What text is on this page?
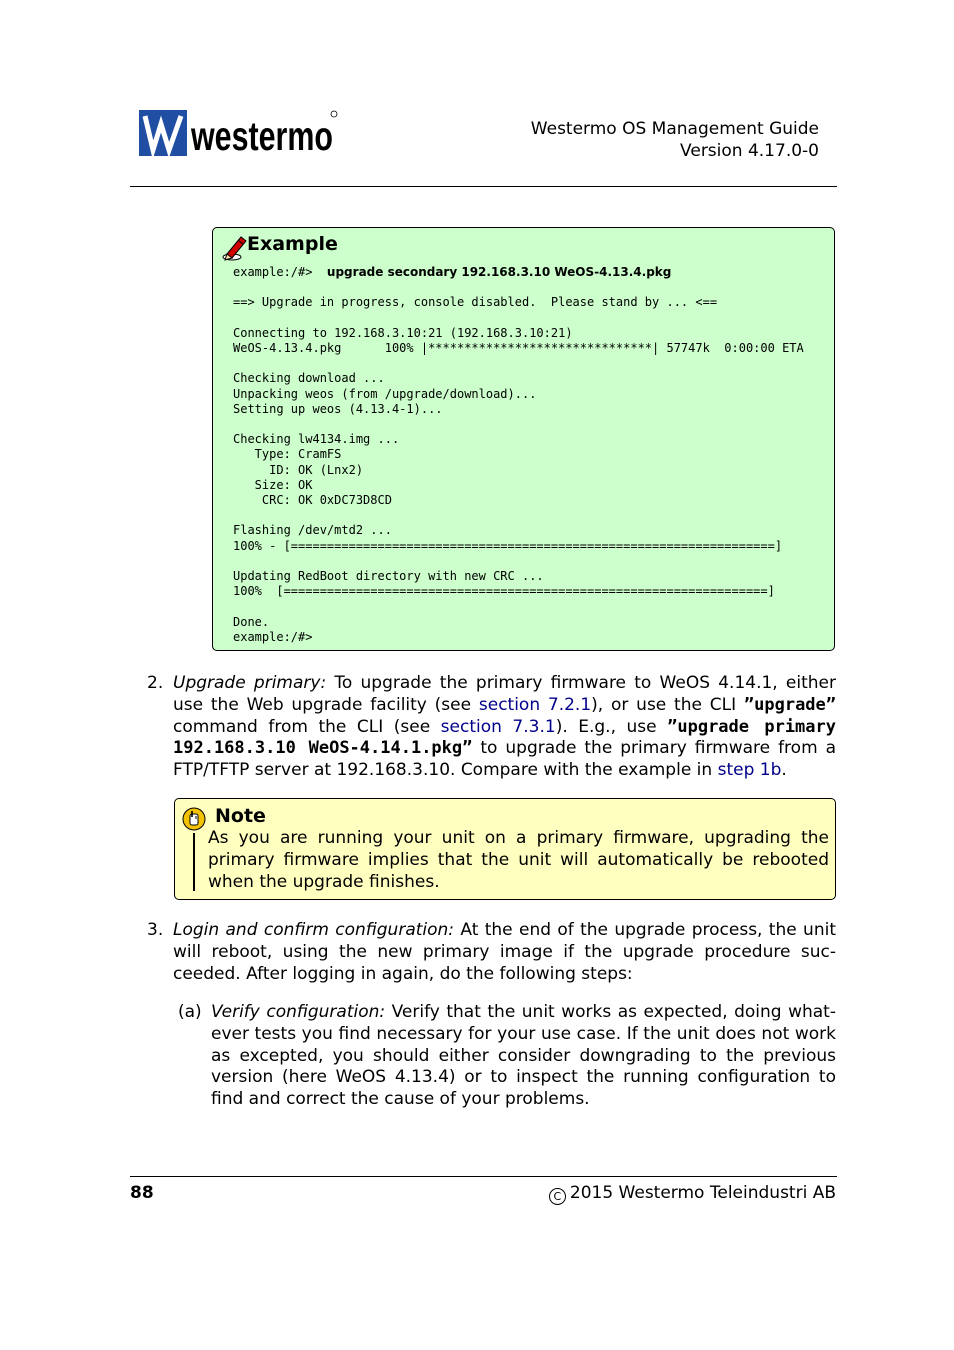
westermo	Westermo OS Management Guide
Version 4.17.0-0
Example
example:/#>  upgrade secondary 192.168.3.10 WeOS-4.13.4.pkg

==> Upgrade in progress, console disabled.  Please stand by ... <==

Connecting to 192.168.3.10:21 (192.168.3.10:21)
WeOS-4.13.4.pkg      100% |*******************************| 57747k  0:00:00 ETA

Checking download ...
Unpacking weos (from /upgrade/download)...
Setting up weos (4.13.4-1)...

Checking lw4134.img ...
Type: CramFS
ID: OK (Lnx2)
Size: OK
CRC: OK 0xDC73D8CD

Flashing /dev/mtd2 ...
100% - [===================================================================]

Updating RedBoot directory with new CRC ...
100%  [===================================================================]

Done.
example:/#>
2. Upgrade primary: To upgrade the primary firmware to WeOS 4.14.1, either use the Web upgrade facility (see section 7.2.1), or use the CLI ”upgrade” command from the CLI (see section 7.3.1). E.g., use ”upgrade primary 192.168.3.10 WeOS-4.14.1.pkg” to upgrade the primary firmware from a FTP/TFTP server at 192.168.3.10. Compare with the example in step 1b.
Note
As you are running your unit on a primary firmware, upgrading the primary firmware implies that the unit will automatically be rebooted when the upgrade finishes.
3. Login and confirm configuration: At the end of the upgrade process, the unit will reboot, using the new primary image if the upgrade procedure succeeded. After logging in again, do the following steps:
(a) Verify configuration: Verify that the unit works as expected, doing whatever tests you find necessary for your use case. If the unit does not work as excepted, you should either consider downgrading to the previous version (here WeOS 4.13.4) or to inspect the running configuration to find and correct the cause of your problems.
88	C 2015 Westermo Teleindustri AB
